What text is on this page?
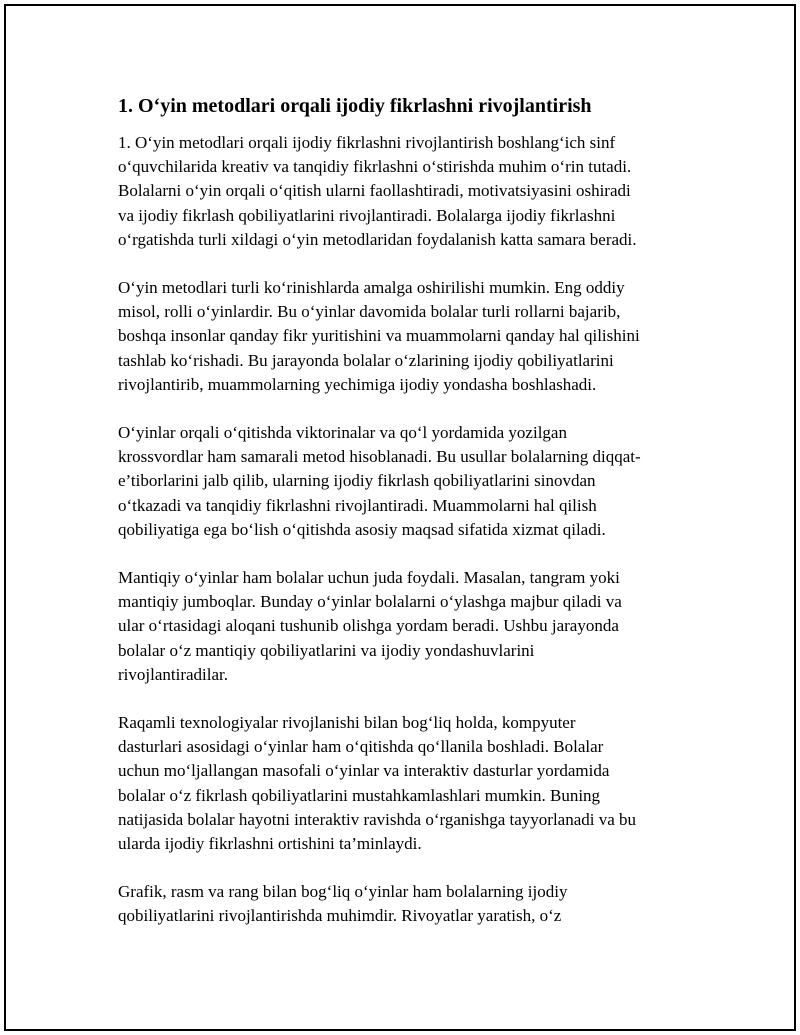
1. O‘yin metodlari orqali ijodiy fikrlashni rivojlantirish

1. O‘yin metodlari orqali ijodiy fikrlashni rivojlantirish boshlang‘ich sinf
o‘quvchilarida kreativ va tanqidiy fikrlashni o‘stirishda muhim o‘rin tutadi.
Bolalarni o‘yin orqali o‘qitish ularni faollashtiradi, motivatsiyasini oshiradi
va ijodiy fikrlash qobiliyatlarini rivojlantiradi. Bolalarga ijodiy fikrlashni
o‘rgatishda turli xildagi o‘yin metodlaridan foydalanish katta samara beradi.

O‘yin metodlari turli ko‘rinishlarda amalga oshirilishi mumkin. Eng oddiy
misol, rolli o‘yinlardir. Bu o‘yinlar davomida bolalar turli rollarni bajarib,
boshqa insonlar qanday fikr yuritishini va muammolarni qanday hal qilishini
tashlab ko‘rishadi. Bu jarayonda bolalar o‘zlarining ijodiy qobiliyatlarini
rivojlantirib, muammolarning yechimiga ijodiy yondasha boshlashadi.

O‘yinlar orqali o‘qitishda viktorinalar va qo‘l yordamida yozilgan
krossvordlar ham samarali metod hisoblanadi. Bu usullar bolalarning diqqat-
e’tiborlarini jalb qilib, ularning ijodiy fikrlash qobiliyatlarini sinovdan
o‘tkazadi va tanqidiy fikrlashni rivojlantiradi. Muammolarni hal qilish
qobiliyatiga ega bo‘lish o‘qitishda asosiy maqsad sifatida xizmat qiladi.

Mantiqiy o‘yinlar ham bolalar uchun juda foydali. Masalan, tangram yoki
mantiqiy jumboqlar. Bunday o‘yinlar bolalarni o‘ylashga majbur qiladi va
ular o‘rtasidagi aloqani tushunib olishga yordam beradi. Ushbu jarayonda
bolalar o‘z mantiqiy qobiliyatlarini va ijodiy yondashuvlarini
rivojlantiradilar.

Raqamli texnologiyalar rivojlanishi bilan bog‘liq holda, kompyuter
dasturlari asosidagi o‘yinlar ham o‘qitishda qo‘llanila boshladi. Bolalar
uchun mo‘ljallangan masofali o‘yinlar va interaktiv dasturlar yordamida
bolalar o‘z fikrlash qobiliyatlarini mustahkamlashlari mumkin. Buning
natijasida bolalar hayotni interaktiv ravishda o‘rganishga tayyorlanadi va bu
ularda ijodiy fikrlashni ortishini ta’minlaydi.

Grafik, rasm va rang bilan bog‘liq o‘yinlar ham bolalarning ijodiy
qobiliyatlarini rivojlantirishda muhimdir. Rivoyatlar yaratish, o‘z
